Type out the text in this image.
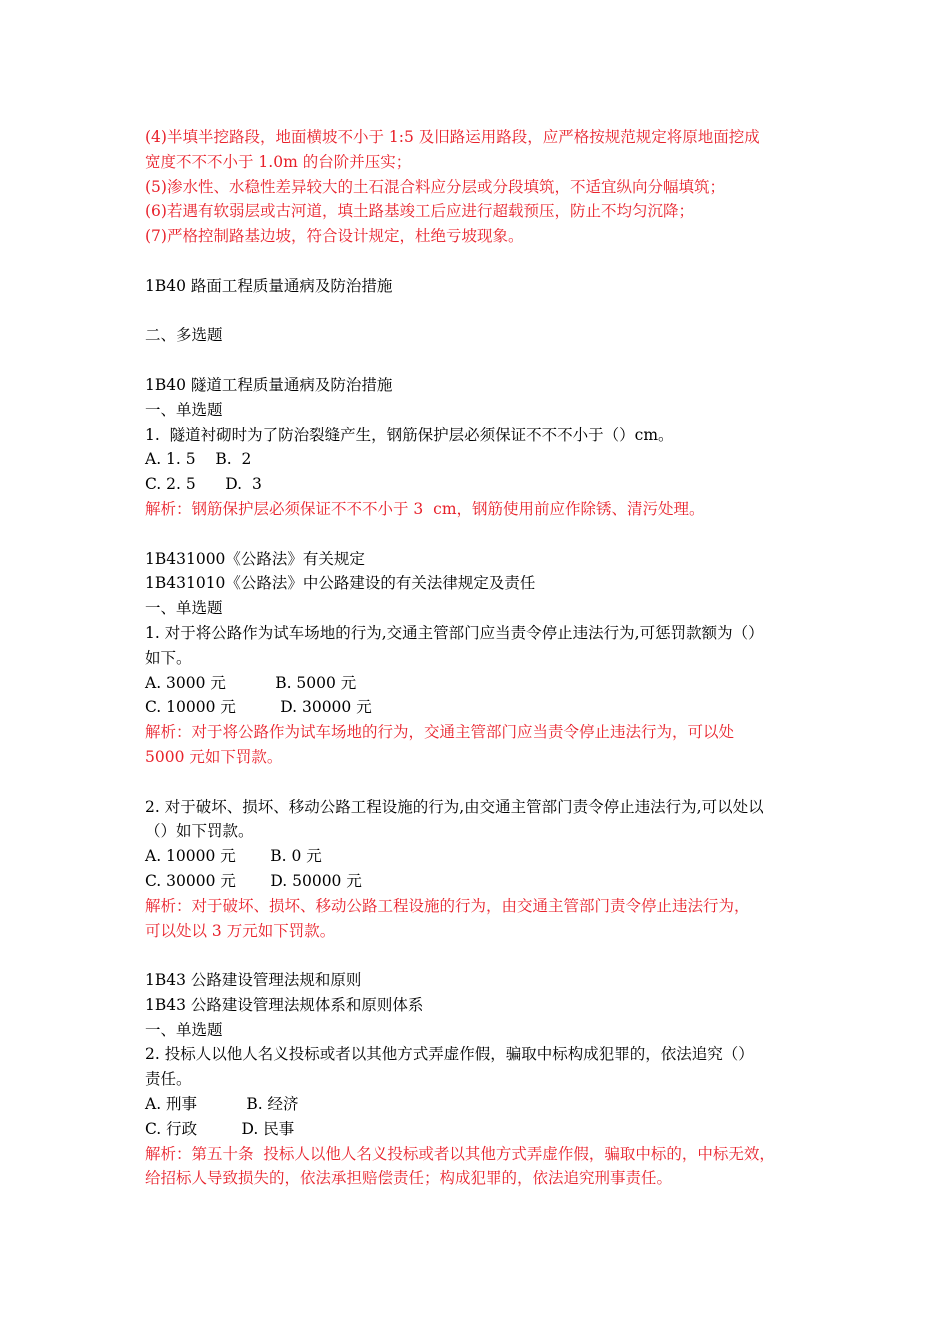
(4)半填半挖路段，地面横坡不小于 1:5 及旧路运用路段，应严格按规范规定将原地面挖成
宽度不不不小于 1.0m 的台阶并压实；
(5)渗水性、水稳性差异较大的土石混合料应分层或分段填筑，不适宜纵向分幅填筑；
(6)若遇有软弱层或古河道，填土路基竣工后应进行超载预压，防止不均匀沉降；
(7)严格控制路基边坡，符合设计规定，杜绝亏坡现象。
1B40 路面工程质量通病及防治措施
二、多选题
1B40 隧道工程质量通病及防治措施
一、单选题
1.  隧道衬砌时为了防治裂缝产生，钢筋保护层必须保证不不不小于（）cm。
A. 1. 5    B.  2
C. 2. 5      D.  3
解析：钢筋保护层必须保证不不不小于 3  cm，钢筋使用前应作除锈、清污处理。
1B431000《公路法》有关规定
1B431010《公路法》中公路建设的有关法律规定及责任
一、单选题
1. 对于将公路作为试车场地的行为,交通主管部门应当责令停止违法行为,可惩罚款额为（）
如下。
A. 3000 元          B. 5000 元
C. 10000 元         D. 30000 元
解析：对于将公路作为试车场地的行为，交通主管部门应当责令停止违法行为，可以处
5000 元如下罚款。
2. 对于破坏、损坏、移动公路工程设施的行为,由交通主管部门责令停止违法行为,可以处以
（）如下罚款。
A. 10000 元       B. 0 元
C. 30000 元       D. 50000 元
解析：对于破坏、损坏、移动公路工程设施的行为，由交通主管部门责令停止违法行为，
可以处以 3 万元如下罚款。
1B43 公路建设管理法规和原则
1B43 公路建设管理法规体系和原则体系
一、单选题
2. 投标人以他人名义投标或者以其他方式弄虚作假，骗取中标构成犯罪的，依法追究（）
责任。
A. 刑事          B. 经济
C. 行政         D. 民事
解析：第五十条  投标人以他人名义投标或者以其他方式弄虚作假，骗取中标的，中标无效，
给招标人导致损失的，依法承担赔偿责任；构成犯罪的，依法追究刑事责任。
